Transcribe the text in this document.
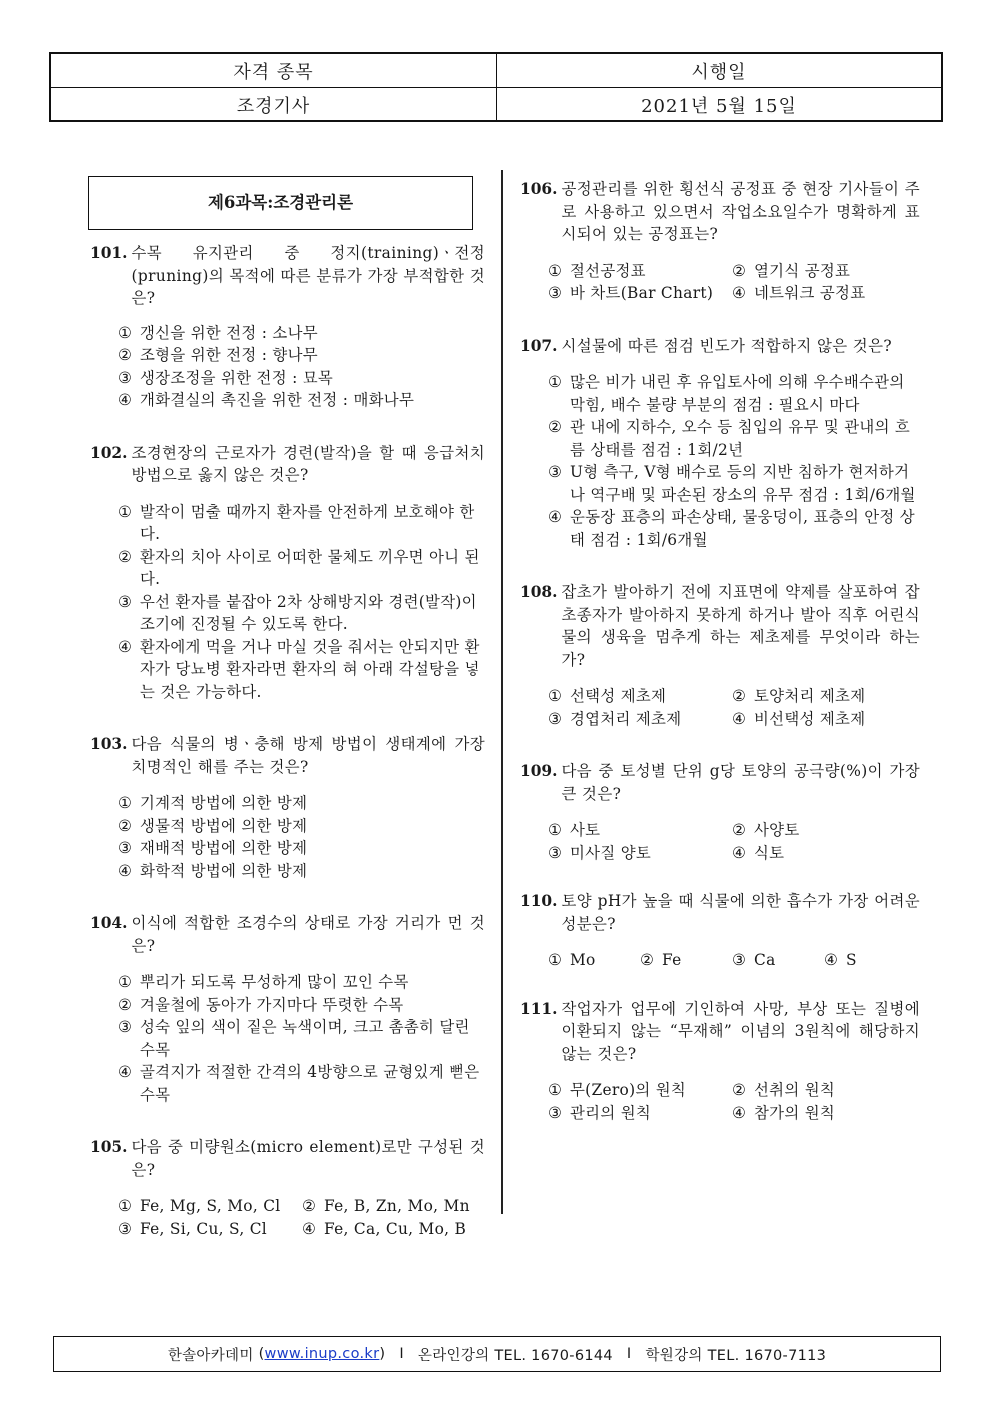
자격 종목	시행일
조경기사	2021년 5월 15일
제6과목:조경관리론
101. 수목 유지관리 중 정지(training)ㆍ전정(pruning)의 목적에 따른 분류가 가장 부적합한 것은?
① 갱신을 위한 전정 : 소나무
② 조형을 위한 전정 : 향나무
③ 생장조정을 위한 전정 : 묘목
④ 개화결실의 촉진을 위한 전정 : 매화나무
102. 조경현장의 근로자가 경련(발작)을 할 때 응급처치 방법으로 옳지 않은 것은?
① 발작이 멈출 때까지 환자를 안전하게 보호해야 한다.
② 환자의 치아 사이로 어떠한 물체도 끼우면 아니 된다.
③ 우선 환자를 붙잡아 2차 상해방지와 경련(발작)이 조기에 진정될 수 있도록 한다.
④ 환자에게 먹을 거나 마실 것을 줘서는 안되지만 환자가 당뇨병 환자라면 환자의 혀 아래 각설탕을 넣는 것은 가능하다.
103. 다음 식물의 병ㆍ충해 방제 방법이 생태계에 가장 치명적인 해를 주는 것은?
① 기계적 방법에 의한 방제
② 생물적 방법에 의한 방제
③ 재배적 방법에 의한 방제
④ 화학적 방법에 의한 방제
104. 이식에 적합한 조경수의 상태로 가장 거리가 먼 것은?
① 뿌리가 되도록 무성하게 많이 꼬인 수목
② 겨울철에 동아가 가지마다 뚜렷한 수목
③ 성숙 잎의 색이 짙은 녹색이며, 크고 촘촘히 달린 수목
④ 골격지가 적절한 간격의 4방향으로 균형있게 뻗은 수목
105. 다음 중 미량원소(micro element)로만 구성된 것은?
① Fe, Mg, S, Mo, Cl	② Fe, B, Zn, Mo, Mn
③ Fe, Si, Cu, S, Cl	④ Fe, Ca, Cu, Mo, B
106. 공정관리를 위한 횡선식 공정표 중 현장 기사들이 주로 사용하고 있으면서 작업소요일수가 명확하게 표시되어 있는 공정표는?
① 절선공정표	② 열기식 공정표
③ 바 차트(Bar Chart)	④ 네트워크 공정표
107. 시설물에 따른 점검 빈도가 적합하지 않은 것은?
① 많은 비가 내린 후 유입토사에 의해 우수배수관의 막힘, 배수 불량 부분의 점검 : 필요시 마다
② 관 내에 지하수, 오수 등 침입의 유무 및 관내의 흐름 상태를 점검 : 1회/2년
③ U형 측구, V형 배수로 등의 지반 침하가 현저하거나 역구배 및 파손된 장소의 유무 점검 : 1회/6개월
④ 운동장 표층의 파손상태, 물웅덩이, 표층의 안정 상태 점검 : 1회/6개월
108. 잡초가 발아하기 전에 지표면에 약제를 살포하여 잡초종자가 발아하지 못하게 하거나 발아 직후 어린식물의 생육을 멈추게 하는 제초제를 무엇이라 하는가?
① 선택성 제초제	② 토양처리 제초제
③ 경엽처리 제초제	④ 비선택성 제초제
109. 다음 중 토성별 단위 g당 토양의 공극량(%)이 가장 큰 것은?
① 사토	② 사양토
③ 미사질 양토	④ 식토
110. 토양 pH가 높을 때 식물에 의한 흡수가 가장 어려운 성분은?
① Mo	② Fe	③ Ca	④ S
111. 작업자가 업무에 기인하여 사망, 부상 또는 질병에 이환되지 않는 “무재해” 이념의 3원칙에 해당하지 않는 것은?
① 무(Zero)의 원칙	② 선취의 원칙
③ 관리의 원칙	④ 참가의 원칙
한솔아카데미 ( www.inup.co.kr ) I 온라인강의 TEL. 1670-6144 I 학원강의 TEL. 1670-7113
